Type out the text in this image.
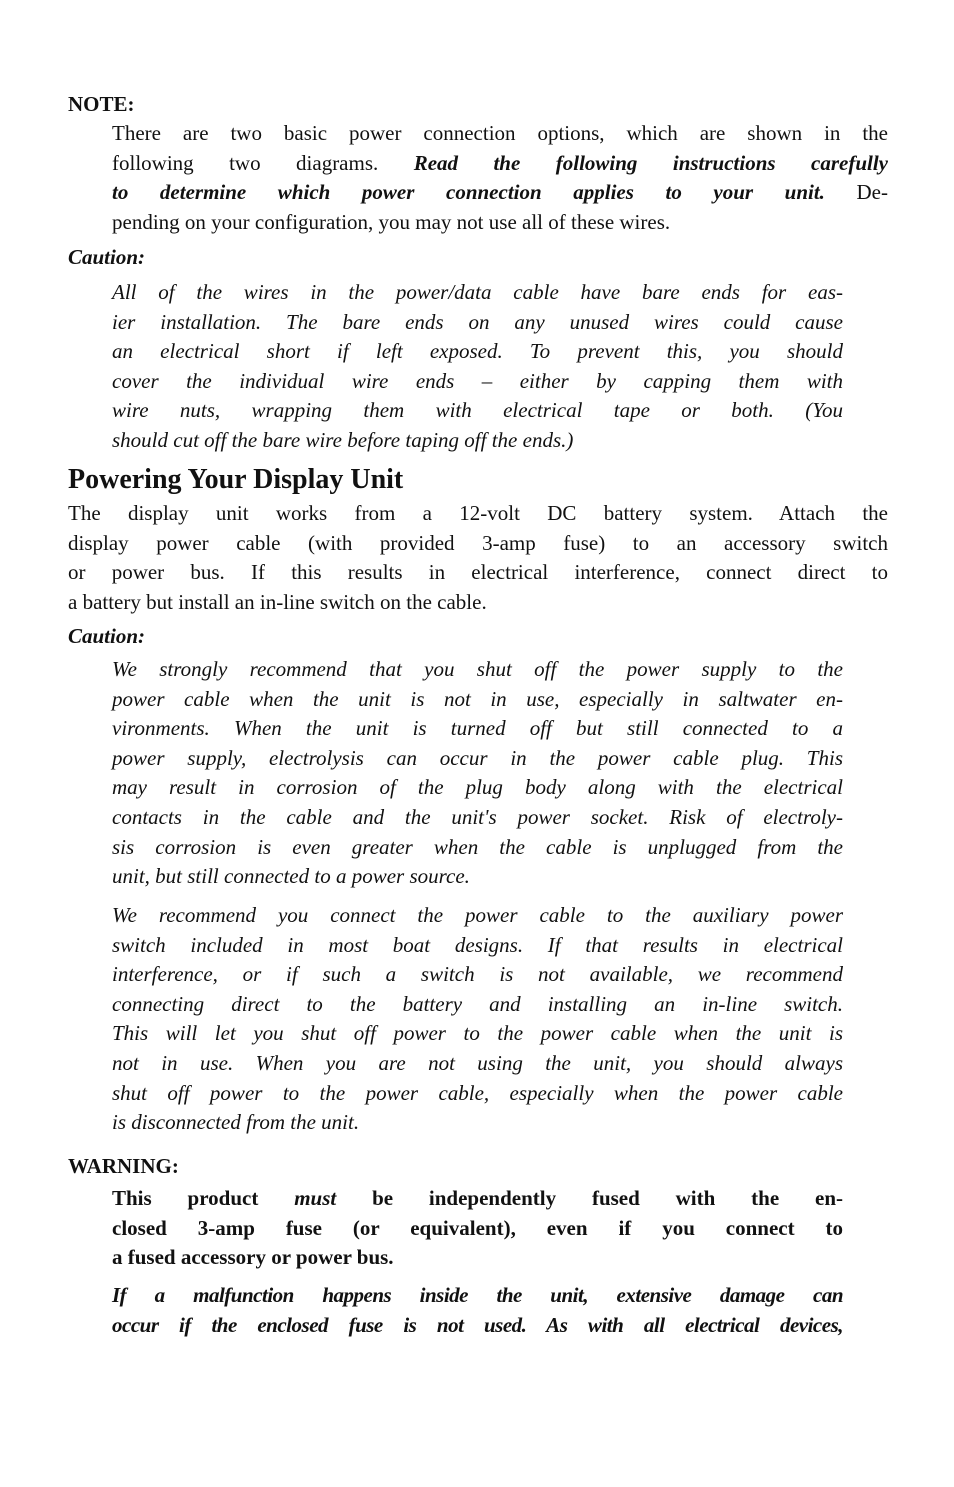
NOTE:
There are two basic power connection options, which are shown in the
following two diagrams. Read the following instructions carefully
to determine which power connection applies to your unit. De-
pending on your configuration, you may not use all of these wires.
Caution:
All of the wires in the power/data cable have bare ends for eas-
ier installation. The bare ends on any unused wires could cause
an electrical short if left exposed. To prevent this, you should
cover the individual wire ends – either by capping them with
wire nuts, wrapping them with electrical tape or both. (You
should cut off the bare wire before taping off the ends.)
Powering Your Display Unit
The display unit works from a 12-volt DC battery system. Attach the
display power cable (with provided 3-amp fuse) to an accessory switch
or power bus. If this results in electrical interference, connect direct to
a battery but install an in-line switch on the cable.
Caution:
We strongly recommend that you shut off the power supply to the
power cable when the unit is not in use, especially in saltwater en-
vironments. When the unit is turned off but still connected to a
power supply, electrolysis can occur in the power cable plug. This
may result in corrosion of the plug body along with the electrical
contacts in the cable and the unit's power socket. Risk of electroly-
sis corrosion is even greater when the cable is unplugged from the
unit, but still connected to a power source.
We recommend you connect the power cable to the auxiliary power
switch included in most boat designs. If that results in electrical
interference, or if such a switch is not available, we recommend
connecting direct to the battery and installing an in-line switch.
This will let you shut off power to the power cable when the unit is
not in use. When you are not using the unit, you should always
shut off power to the power cable, especially when the power cable
is disconnected from the unit.
WARNING:
This product must be independently fused with the en-
closed 3-amp fuse (or equivalent), even if you connect to
a fused accessory or power bus.
If a malfunction happens inside the unit, extensive damage can
occur if the enclosed fuse is not used. As with all electrical devices,
